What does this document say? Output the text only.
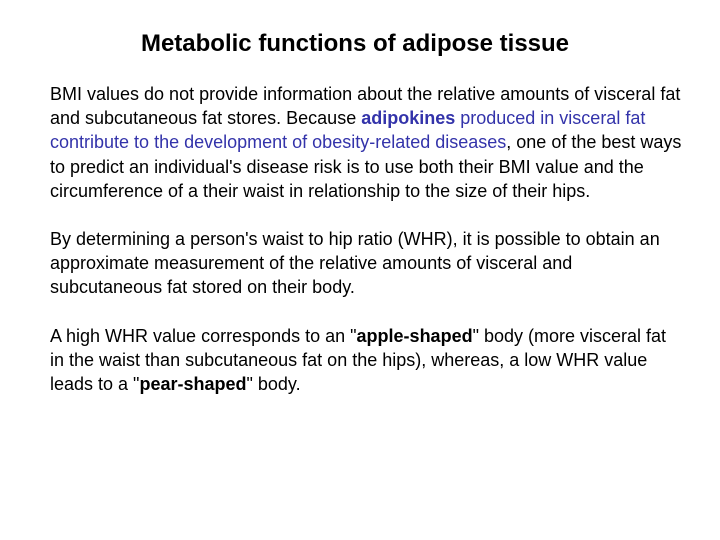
Metabolic functions of adipose tissue

BMI values do not provide information about the relative amounts of visceral fat and subcutaneous fat stores. Because adipokines produced in visceral fat contribute to the development of obesity-related diseases, one of the best ways to predict an individual's disease risk is to use both their BMI value and the circumference of a their waist in relationship to the size of their hips.

By determining a person's waist to hip ratio (WHR), it is possible to obtain an approximate measurement of the relative amounts of visceral and subcutaneous fat stored on their body.

A high WHR value corresponds to an "apple-shaped" body (more visceral fat in the waist than subcutaneous fat on the hips), whereas, a low WHR value leads to a "pear-shaped" body.
